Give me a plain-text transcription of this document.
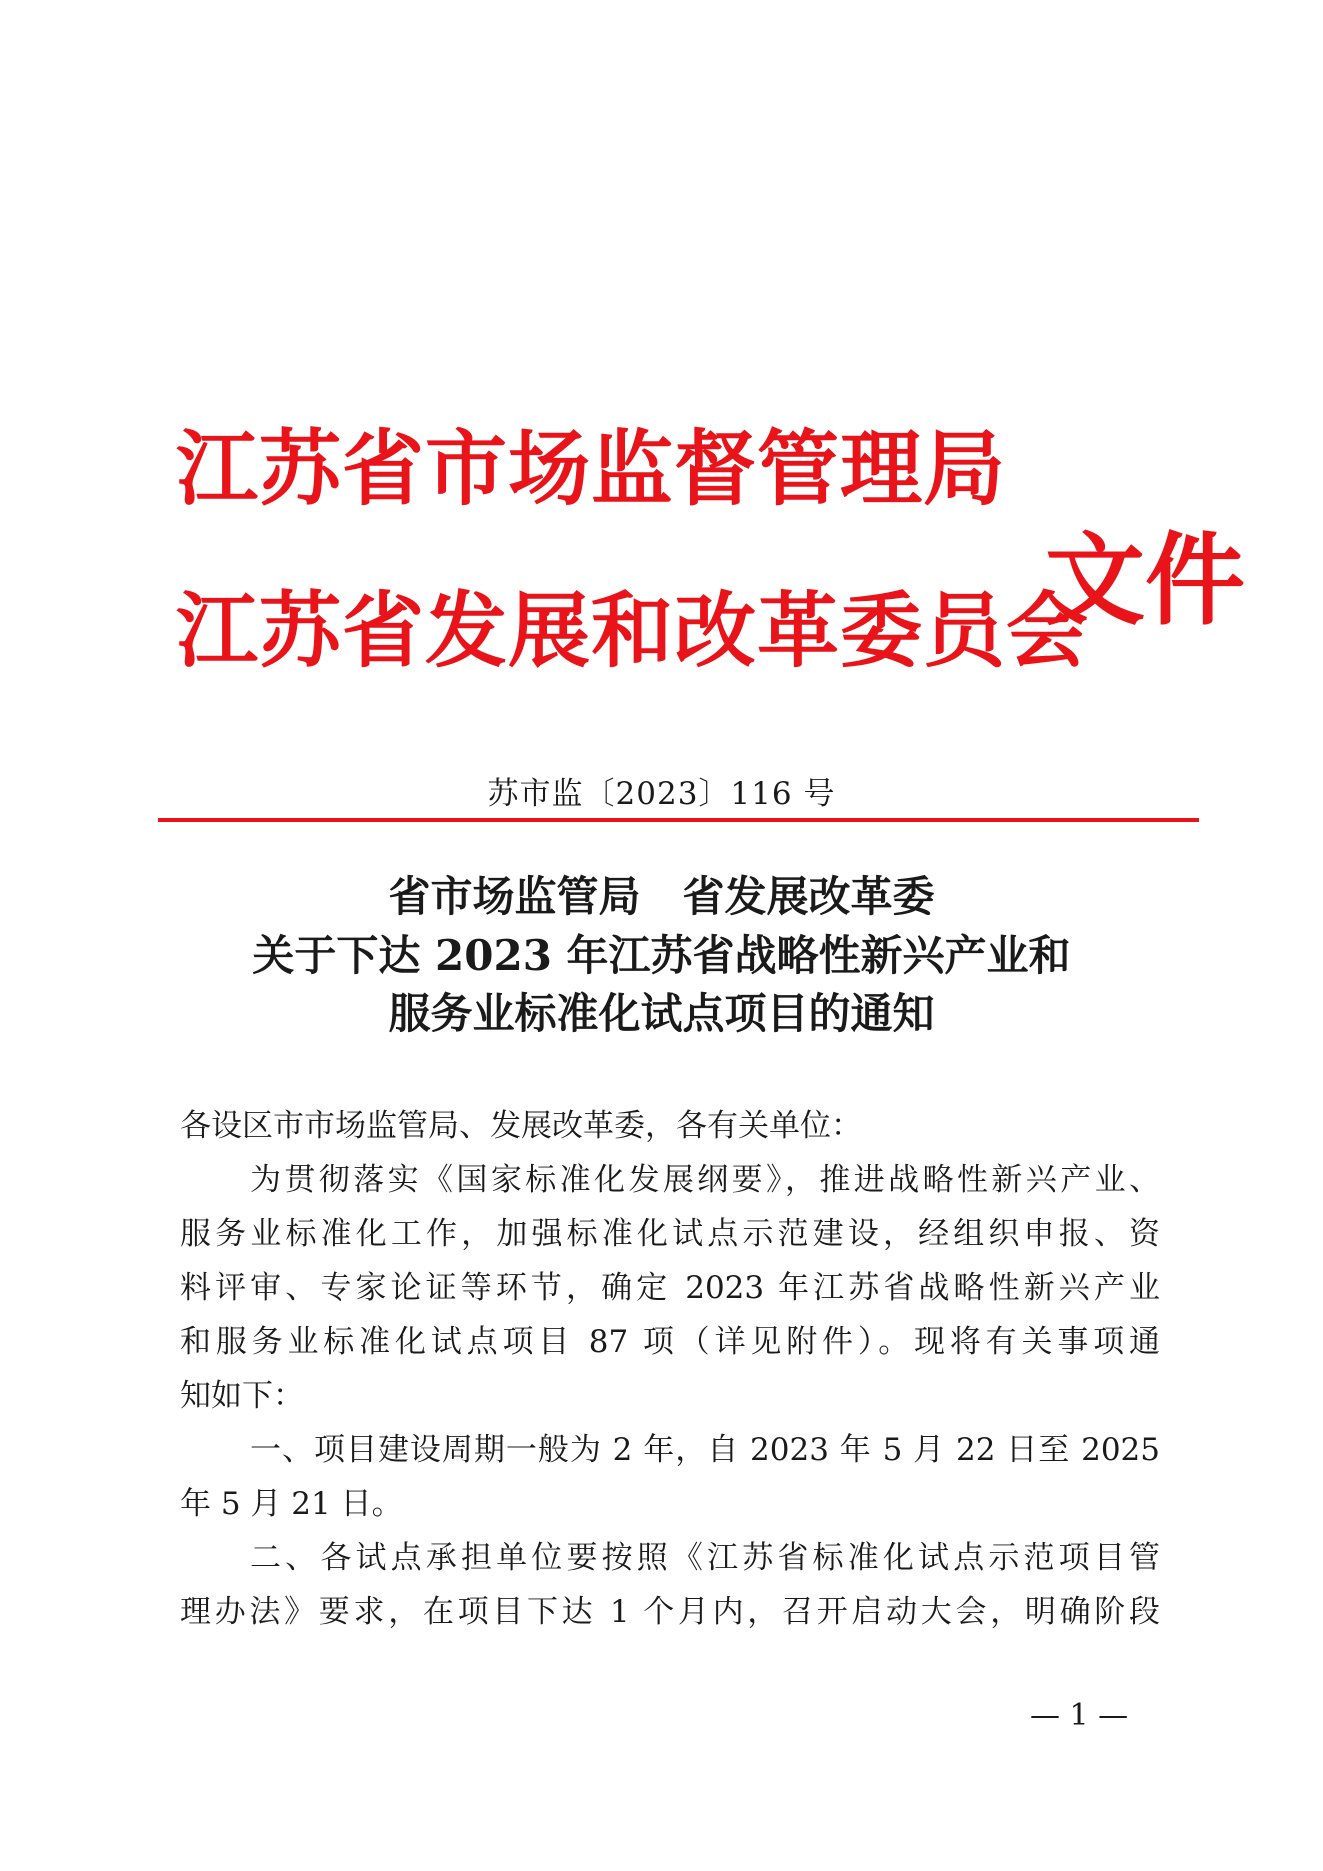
江苏省市场监督管理局
江苏省发展和改革委员会
文件
苏市监〔2023〕116 号
省市场监管局　省发展改革委
关于下达 2023 年江苏省战略性新兴产业和
服务业标准化试点项目的通知
各设区市市场监管局、发展改革委，各有关单位：
为贯彻落实《国家标准化发展纲要》，推进战略性新兴产业、
服务业标准化工作，加强标准化试点示范建设，经组织申报、资
料评审、专家论证等环节，确定 2023 年江苏省战略性新兴产业
和服务业标准化试点项目 87 项（详见附件）。现将有关事项通
知如下：
一、项目建设周期一般为 2 年，自 2023 年 5 月 22 日至 2025
年 5 月 21 日。
二、各试点承担单位要按照《江苏省标准化试点示范项目管
理办法》要求，在项目下达 1 个月内，召开启动大会，明确阶段
— 1 —
